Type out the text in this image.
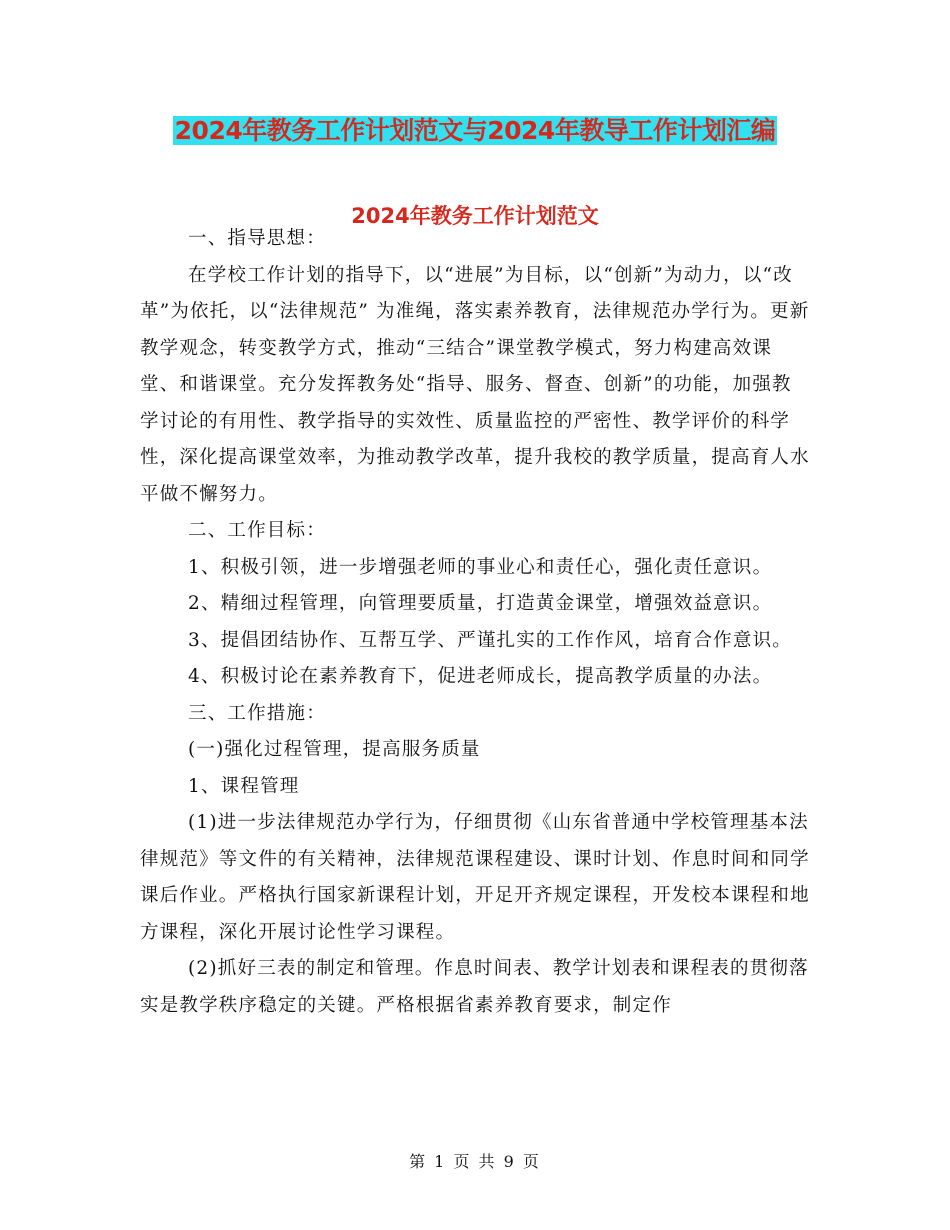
2024年教务工作计划范文与2024年教导工作计划汇编
2024年教务工作计划范文

一、指导思想：

在学校工作计划的指导下，以“进展”为目标，以“创新”为动力，以“改革”为依托，以“法律规范” 为准绳，落实素养教育，法律规范办学行为。更新教学观念，转变教学方式，推动“三结合”课堂教学模式，努力构建高效课堂、和谐课堂。充分发挥教务处“指导、服务、督查、创新”的功能，加强教学讨论的有用性、教学指导的实效性、质量监控的严密性、教学评价的科学性，深化提高课堂效率，为推动教学改革，提升我校的教学质量，提高育人水平做不懈努力。

二、工作目标：

1、积极引领，进一步增强老师的事业心和责任心，强化责任意识。

2、精细过程管理，向管理要质量，打造黄金课堂，增强效益意识。

3、提倡团结协作、互帮互学、严谨扎实的工作作风，培育合作意识。

4、积极讨论在素养教育下，促进老师成长，提高教学质量的办法。

三、工作措施：

(一)强化过程管理，提高服务质量

1、课程管理

(1)进一步法律规范办学行为，仔细贯彻《山东省普通中学校管理基本法律规范》等文件的有关精神，法律规范课程建设、课时计划、作息时间和同学课后作业。严格执行国家新课程计划，开足开齐规定课程，开发校本课程和地方课程，深化开展讨论性学习课程。

(2)抓好三表的制定和管理。作息时间表、教学计划表和课程表的贯彻落实是教学秩序稳定的关键。严格根据省素养教育要求，制定作

第 1 页 共 9 页
